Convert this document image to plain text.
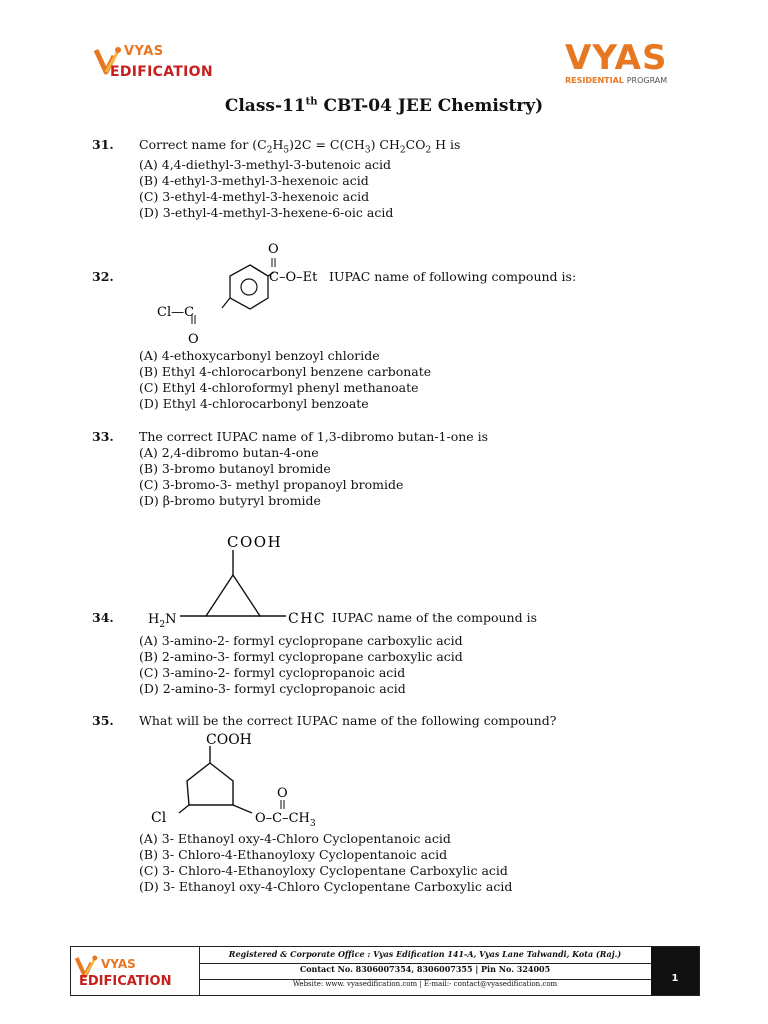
VYAS
EDIFICATION	VYAS
RESIDENTIAL PROGRAM
Class-11th CBT-04 JEE Chemistry)
31. Correct name for $(C_2H_5)2C = C(CH_3)$ $CH_2CO_2$ H is
(A) 4,4-diethyl-3-methyl-3-butenoic acid
(B) 4-ethyl-3-methyl-3-hexenoic acid
(C) 3-ethyl-4-methyl-3-hexenoic acid
(D) 3-ethyl-4-methyl-3-hexene-6-oic acid
32.	IUPAC name of following compound is:
(A) 4-ethoxycarbonyl benzoyl chloride
(B) Ethyl 4-chlorocarbonyl benzene carbonate
(C) Ethyl 4-chloroformyl phenyl methanoate
(D) Ethyl 4-chlorocarbonyl benzoate
O
C–O–Et
Cl—C
O
33. The correct IUPAC name of 1,3-dibromo butan-1-one is
(A) 2,4-dibromo butan-4-one
(B) 3-bromo butanoyl bromide
(C) 3-bromo-3- methyl propanoyl bromide
(D) β-bromo butyryl bromide
34.	IUPAC name of the compound is
(A) 3-amino-2- formyl cyclopropane carboxylic acid
(B) 2-amino-3- formyl cyclopropane carboxylic acid
(C) 3-amino-2- formyl cyclopropanoic acid
(D) 2-amino-3- formyl cyclopropanoic acid
COOH
$H_2N$	CHC
35. What will be the correct IUPAC name of the following compound?
(A) 3- Ethanoyl oxy-4-Chloro Cyclopentanoic acid
(B) 3- Chloro-4-Ethanoyloxy Cyclopentanoic acid
(C) 3- Chloro-4-Ethanoyloxy Cyclopentane Carboxylic acid
(D) 3- Ethanoyl oxy-4-Chloro Cyclopentane Carboxylic acid
COOH
Cl
O
$O-C-CH_3$
VYAS
EDIFICATION
Registered & Corporate Office : Vyas Edification 141-A, Vyas Lane Talwandi, Kota (Raj.)
Contact No. 8306007354, 8306007355 | Pin No. 324005
Website: www. vyasedification.com | E-mail:- contact@vyasedification.com	1
